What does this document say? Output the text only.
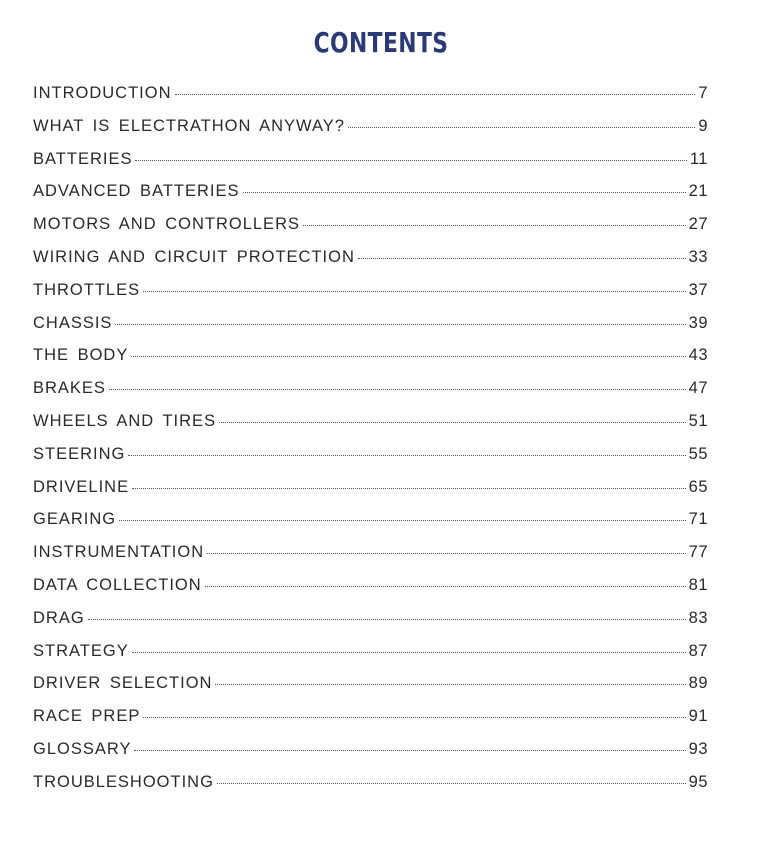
CONTENTS
INTRODUCTION	7
WHAT IS ELECTRATHON ANYWAY?	9
BATTERIES	11
ADVANCED BATTERIES	21
MOTORS AND CONTROLLERS	27
WIRING AND CIRCUIT PROTECTION	33
THROTTLES	37
CHASSIS	39
THE BODY	43
BRAKES	47
WHEELS AND TIRES	51
STEERING	55
DRIVELINE	65
GEARING	71
INSTRUMENTATION	77
DATA COLLECTION	81
DRAG	83
STRATEGY	87
DRIVER SELECTION	89
RACE PREP	91
GLOSSARY	93
TROUBLESHOOTING	95
